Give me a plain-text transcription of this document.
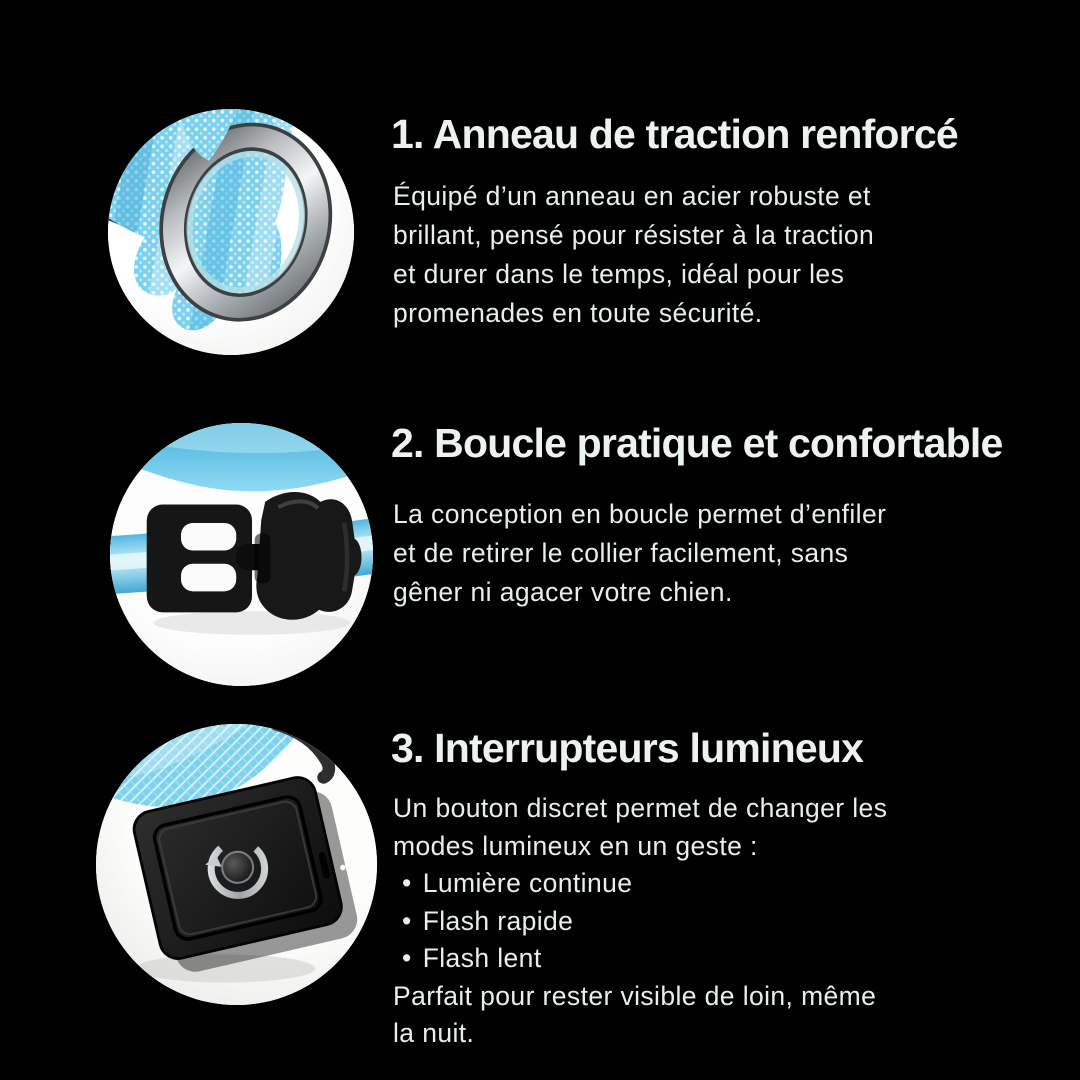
1. Anneau de traction renforcé
Équipé d’un anneau en acier robuste et
brillant, pensé pour résister à la traction
et durer dans le temps, idéal pour les
promenades en toute sécurité.
2. Boucle pratique et confortable
La conception en boucle permet d’enfiler
et de retirer le collier facilement, sans
gêner ni agacer votre chien.
3. Interrupteurs lumineux
Un bouton discret permet de changer les
modes lumineux en un geste :
• Lumière continue
• Flash rapide
• Flash lent
Parfait pour rester visible de loin, même
la nuit.
